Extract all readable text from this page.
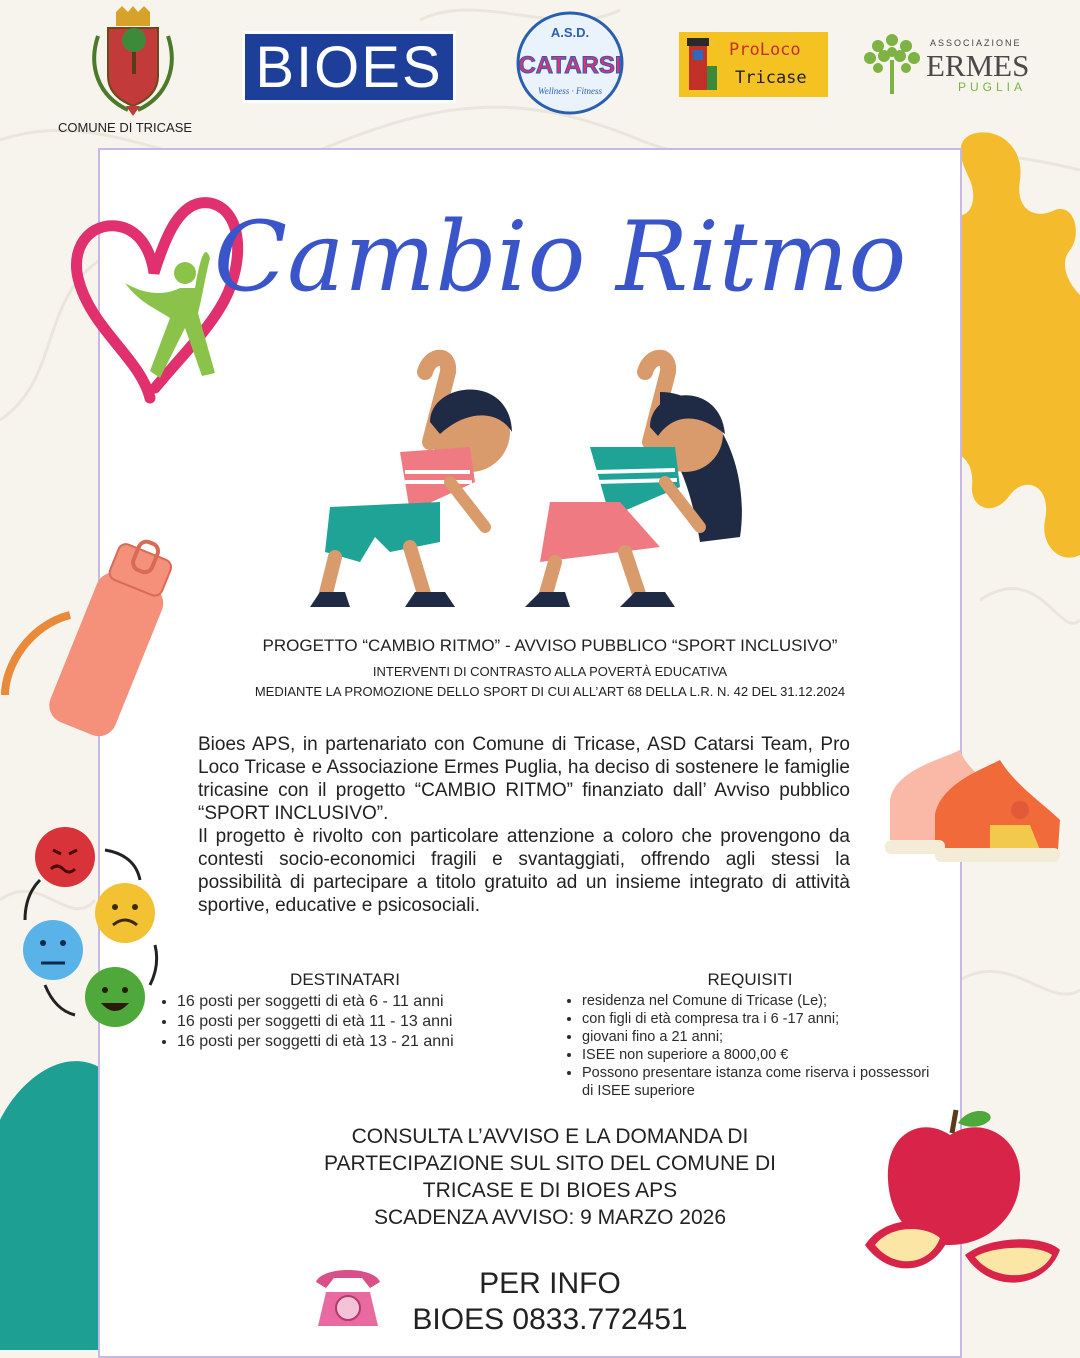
COMUNE DI TRICASE
BIOES
A.S.D.
CATARSI
Wellness · Fitness
ProLoco
Tricase
ASSOCIAZIONE
ERMES
PUGLIA
Cambio Ritmo
PROGETTO “CAMBIO RITMO” - AVVISO PUBBLICO “SPORT INCLUSIVO”
INTERVENTI DI CONTRASTO ALLA POVERTÀ EDUCATIVA
MEDIANTE LA PROMOZIONE DELLO SPORT DI CUI ALL’ART 68 DELLA L.R. N. 42 DEL 31.12.2024

Bioes APS, in partenariato con Comune di Tricase, ASD Catarsi Team, Pro Loco Tricase e Associazione Ermes Puglia, ha deciso di sostenere le famiglie tricasine con il progetto “CAMBIO RITMO” finanziato dall’ Avviso pubblico “SPORT INCLUSIVO”.

Il progetto è rivolto con particolare attenzione a coloro che provengono da contesti socio-economici fragili e svantaggiati, offrendo agli stessi la possibilità di partecipare a titolo gratuito ad un insieme integrato di attività sportive, educative e psicosociali.

DESTINATARI
• 16 posti per soggetti di età 6 - 11 anni
• 16 posti per soggetti di età 11 - 13 anni
• 16 posti per soggetti di età 13 - 21 anni
REQUISITI
• residenza nel Comune di Tricase (Le);
• con figli di età compresa tra i 6 -17 anni;
• giovani fino a 21 anni;
• ISEE non superiore a 8000,00 €
• Possono presentare istanza come riserva i possessori di ISEE superiore
CONSULTA L’AVVISO E LA DOMANDA DI
PARTECIPAZIONE SUL SITO DEL COMUNE DI
TRICASE E DI BIOES APS
SCADENZA AVVISO: 9 MARZO 2026
PER INFO
BIOES 0833.772451
